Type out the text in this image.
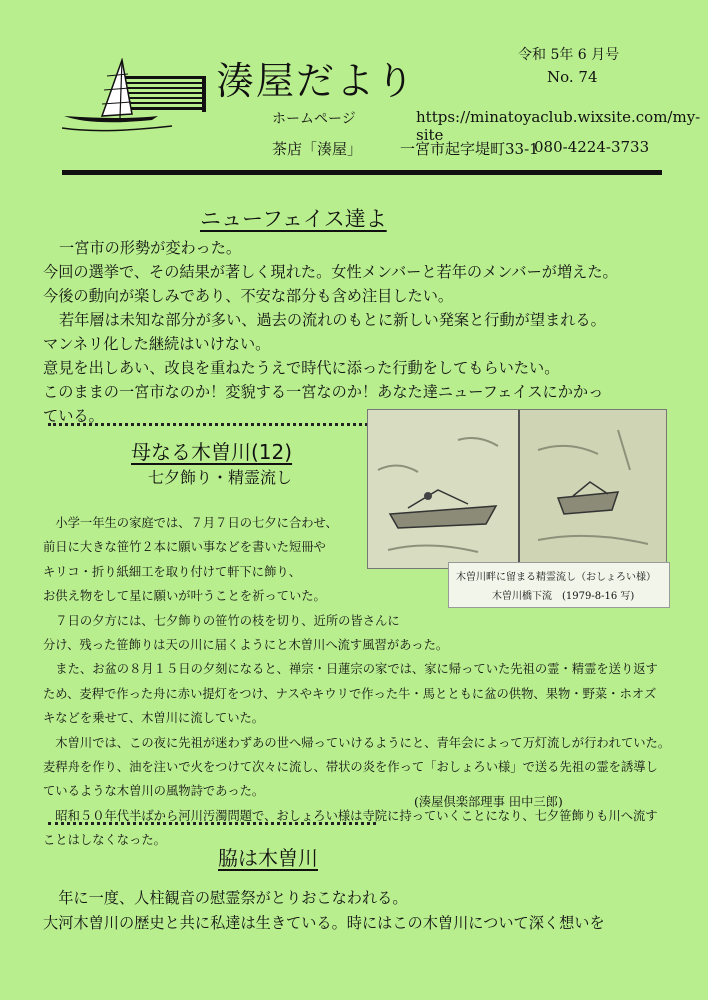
湊屋だより
令和 5年 6 月号
No. 74
ホームページ	https://minatoyaclub.wixsite.com/my-site
茶店「湊屋」	一宮市起字堤町33-1
080-4224-3733
ニューフェイス達よ

一宮市の形勢が変わった。

今回の選挙で、その結果が著しく現れた。女性メンバーと若年のメンバーが増えた。

今後の動向が楽しみであり、不安な部分も含め注目したい。

若年層は未知な部分が多い、過去の流れのもとに新しい発案と行動が望まれる。

マンネリ化した継続はいけない。

意見を出しあい、改良を重ねたうえで時代に添った行動をしてもらいたい。

このままの一宮市なのか！変貌する一宮なのか！あなた達ニューフェイスにかかっ

ている。

母なる木曽川(12)
七夕飾り・精霊流し
木曽川畔に留まる精霊流し（おしょろい様）
木曽川橋下流　(1979-8-16 写)

　小学一年生の家庭では、７月７日の七夕に合わせ、

前日に大きな笹竹２本に願い事などを書いた短冊や

キリコ・折り紙細工を取り付けて軒下に飾り、

お供え物をして星に願いが叶うことを祈っていた。

　７日の夕方には、七夕飾りの笹竹の枝を切り、近所の皆さんに

分け、残った笹飾りは天の川に届くようにと木曽川へ流す風習があった。

　また、お盆の８月１５日の夕刻になると、禅宗・日蓮宗の家では、家に帰っていた先祖の霊・精霊を送り返す

ため、麦稈で作った舟に赤い提灯をつけ、ナスやキウリで作った牛・馬とともに盆の供物、果物・野菜・ホオズ

キなどを乗せて、木曽川に流していた。

　木曽川では、この夜に先祖が迷わずあの世へ帰っていけるようにと、青年会によって万灯流しが行われていた。

麦稈舟を作り、油を注いで火をつけて次々に流し、帯状の炎を作って「おしょろい様」で送る先祖の霊を誘導し

ているような木曽川の風物詩であった。

　昭和５０年代半ばから河川汚濁問題で、おしょろい様は寺院に持っていくことになり、七夕笹飾りも川へ流す

ことはしなくなった。

(湊屋倶楽部理事 田中三郎)
脇は木曽川

　年に一度、人柱観音の慰霊祭がとりおこなわれる。

大河木曽川の歴史と共に私達は生きている。時にはこの木曽川について深く想いを
